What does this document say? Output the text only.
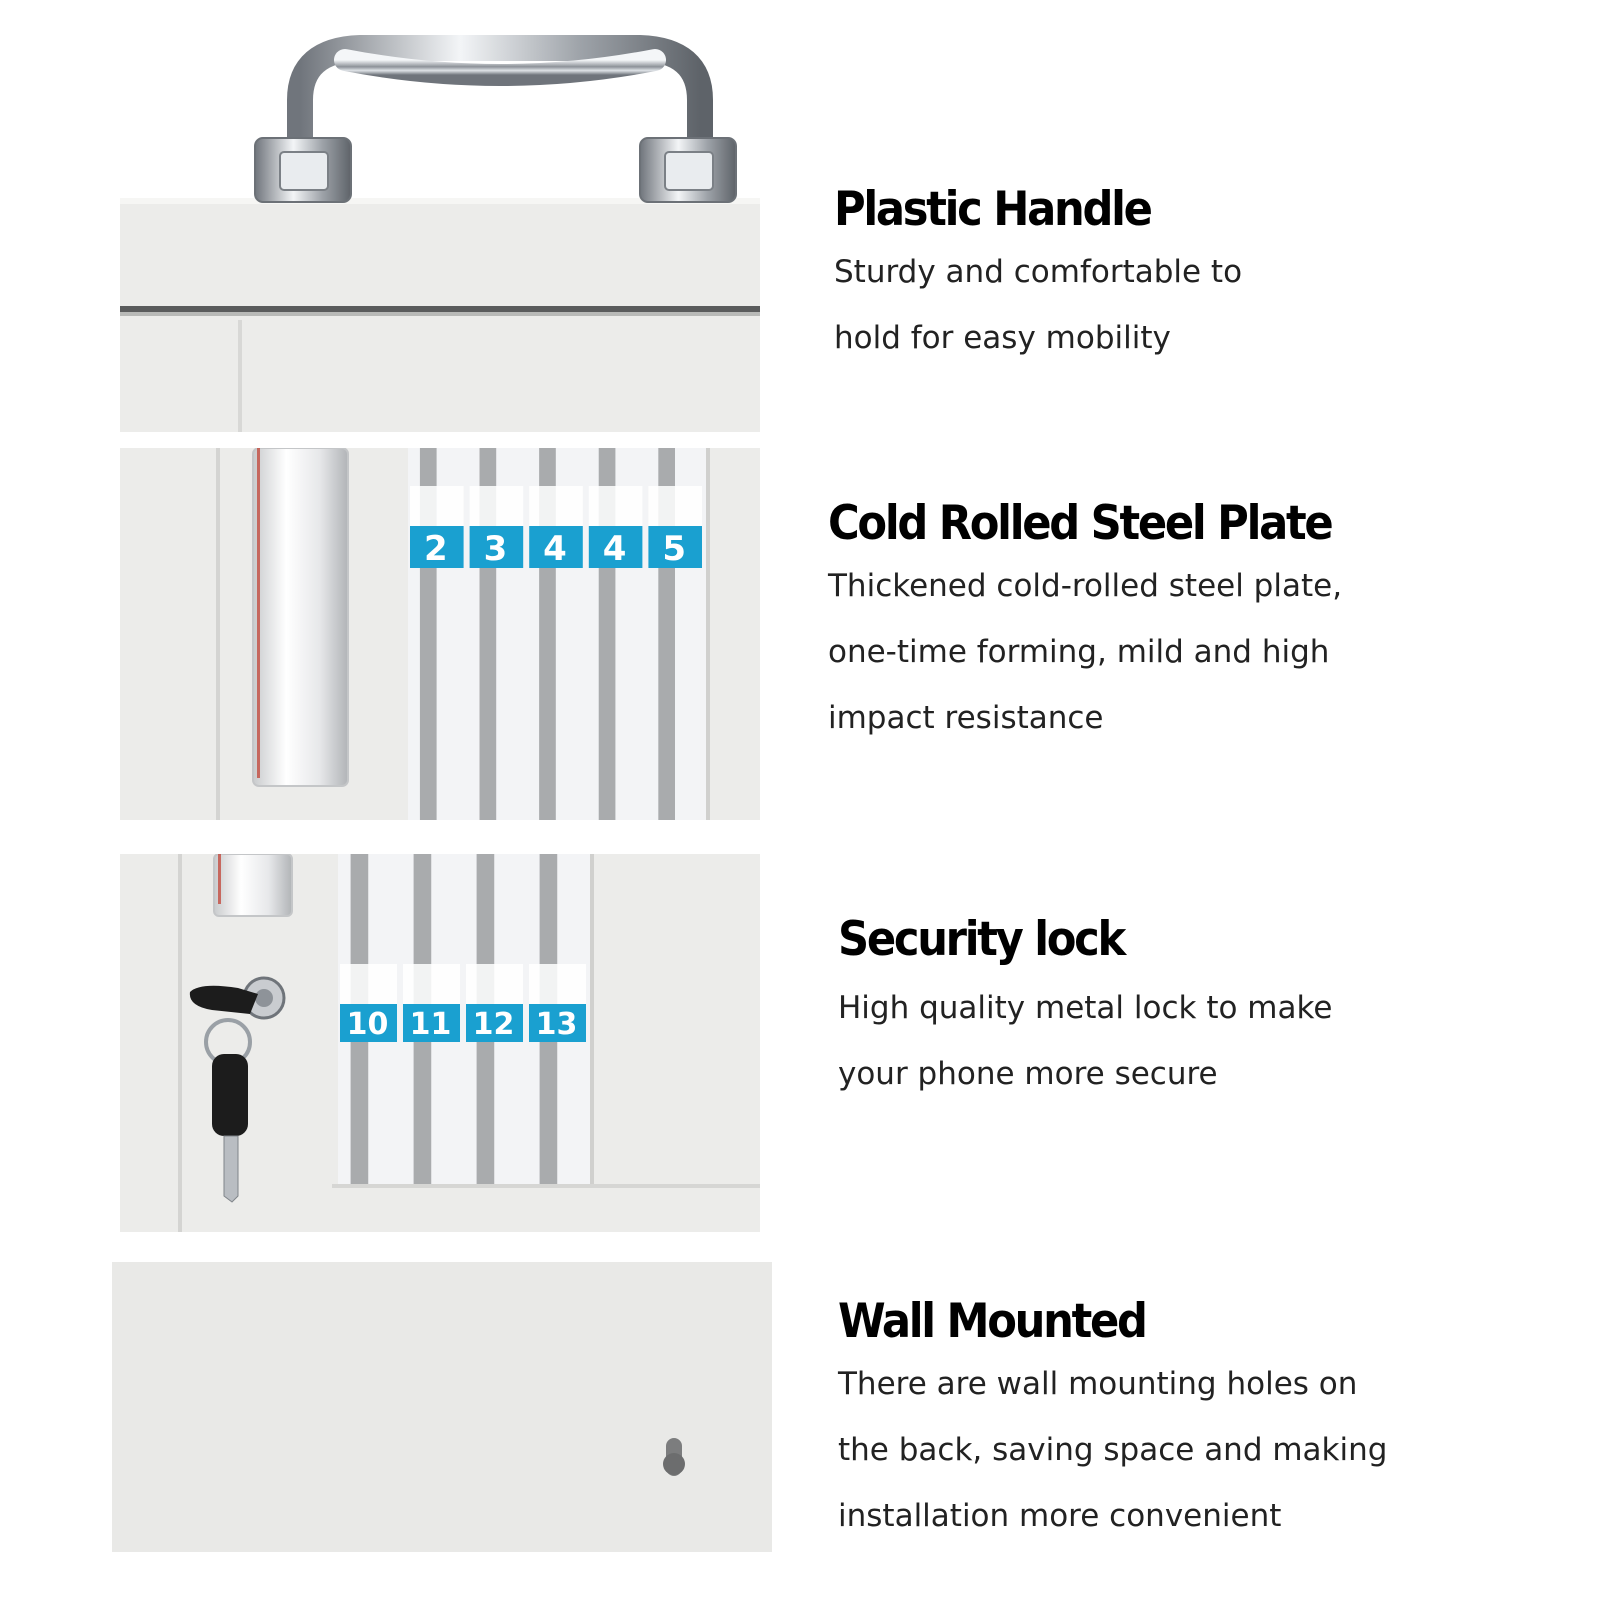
2 3 4 4 5
10 11 12 13
Plastic Handle
Sturdy and comfortable to
hold for easy mobility
Cold Rolled Steel Plate
Thickened cold-rolled steel plate,
one-time forming, mild and high
impact resistance
Security lock
High quality metal lock to make
your phone more secure
Wall Mounted
There are wall mounting holes on
the back, saving space and making
installation more convenient
